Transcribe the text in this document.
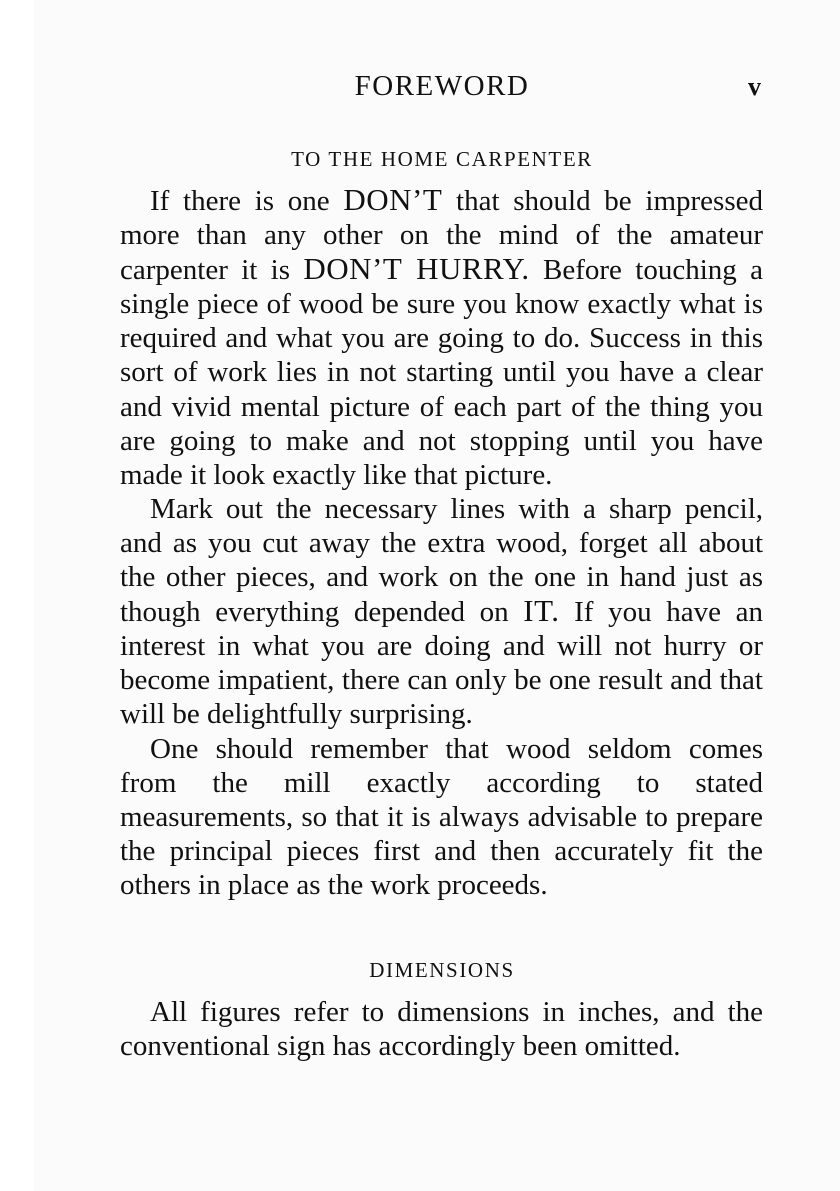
FOREWORD	v
TO THE HOME CARPENTER

If there is one DON’T that should be impressed more than any other on the mind of the amateur carpenter it is DON’T HURRY. Before touching a single piece of wood be sure you know exactly what is required and what you are going to do. Success in this sort of work lies in not starting until you have a clear and vivid mental picture of each part of the thing you are going to make and not stopping until you have made it look exactly like that picture.

Mark out the necessary lines with a sharp pencil, and as you cut away the extra wood, forget all about the other pieces, and work on the one in hand just as though everything depended on IT. If you have an interest in what you are doing and will not hurry or become impatient, there can only be one result and that will be delightfully surprising.

One should remember that wood seldom comes from the mill exactly according to stated measurements, so that it is always advisable to prepare the principal pieces first and then accurately fit the others in place as the work proceeds.

DIMENSIONS

All figures refer to dimensions in inches, and the conventional sign has accordingly been omitted.
